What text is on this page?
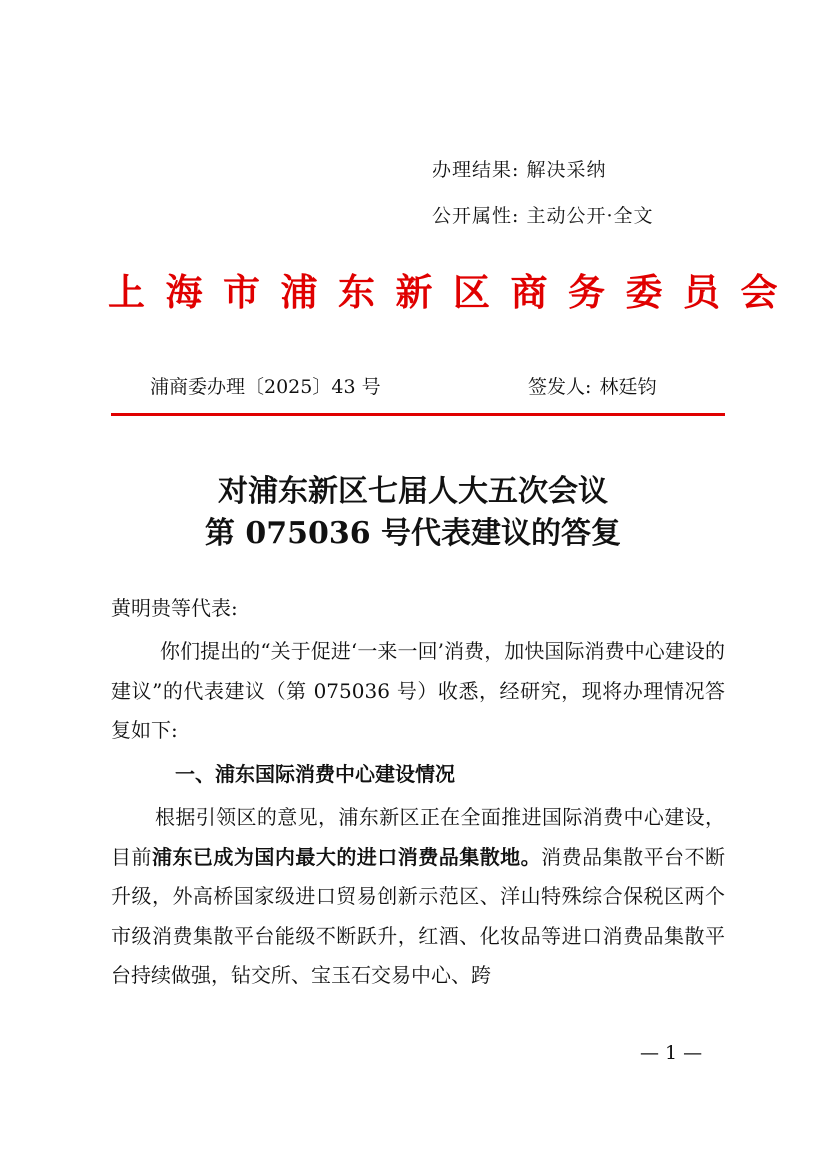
办理结果: 解决采纳
公开属性: 主动公开·全文
上海市浦东新区商务委员会
浦商委办理〔2025〕43 号	签发人: 林廷钧
对浦东新区七届人大五次会议
第 075036 号代表建议的答复
黄明贵等代表:
你们提出的“关于促进‘一来一回’消费，加快国际消费中心建设的建议”的代表建议（第 075036 号）收悉，经研究，现将办理情况答复如下:
一、浦东国际消费中心建设情况
根据引领区的意见，浦东新区正在全面推进国际消费中心建设， 目前浦东已成为国内最大的进口消费品集散地。消费品集散平台不断升级，外高桥国家级进口贸易创新示范区、洋山特殊综合保税区两个市级消费集散平台能级不断跃升，红酒、化妆品等进口消费品集散平台持续做强，钻交所、宝玉石交易中心、跨
— 1 —
